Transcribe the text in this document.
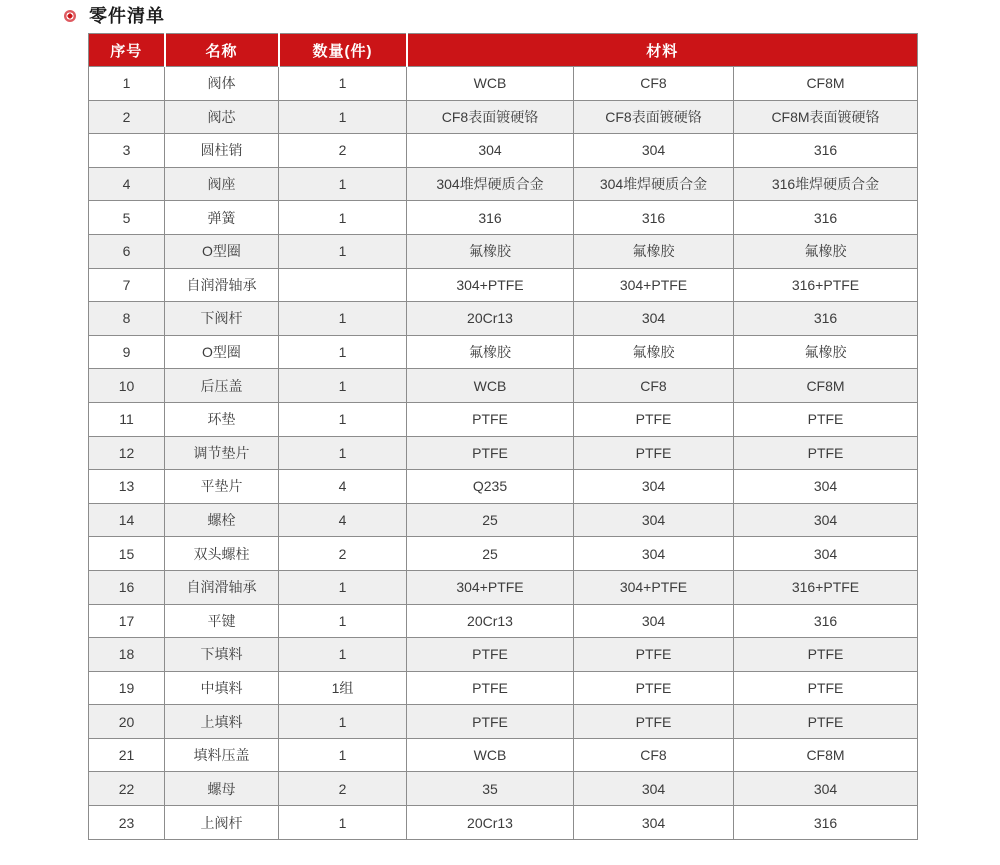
零件清单
序号	名称	数量(件)	材料		
1	阀体	1	WCB	CF8	CF8M
2	阀芯	1	CF8表面镀硬铬	CF8表面镀硬铬	CF8M表面镀硬铬
3	圆柱销	2	304	304	316
4	阀座	1	304堆焊硬质合金	304堆焊硬质合金	316堆焊硬质合金
5	弹簧	1	316	316	316
6	O型圈	1	氟橡胶	氟橡胶	氟橡胶
7	自润滑轴承		304+PTFE	304+PTFE	316+PTFE
8	下阀杆	1	20Cr13	304	316
9	O型圈	1	氟橡胶	氟橡胶	氟橡胶
10	后压盖	1	WCB	CF8	CF8M
11	环垫	1	PTFE	PTFE	PTFE
12	调节垫片	1	PTFE	PTFE	PTFE
13	平垫片	4	Q235	304	304
14	螺栓	4	25	304	304
15	双头螺柱	2	25	304	304
16	自润滑轴承	1	304+PTFE	304+PTFE	316+PTFE
17	平键	1	20Cr13	304	316
18	下填料	1	PTFE	PTFE	PTFE
19	中填料	1组	PTFE	PTFE	PTFE
20	上填料	1	PTFE	PTFE	PTFE
21	填料压盖	1	WCB	CF8	CF8M
22	螺母	2	35	304	304
23	上阀杆	1	20Cr13	304	316
